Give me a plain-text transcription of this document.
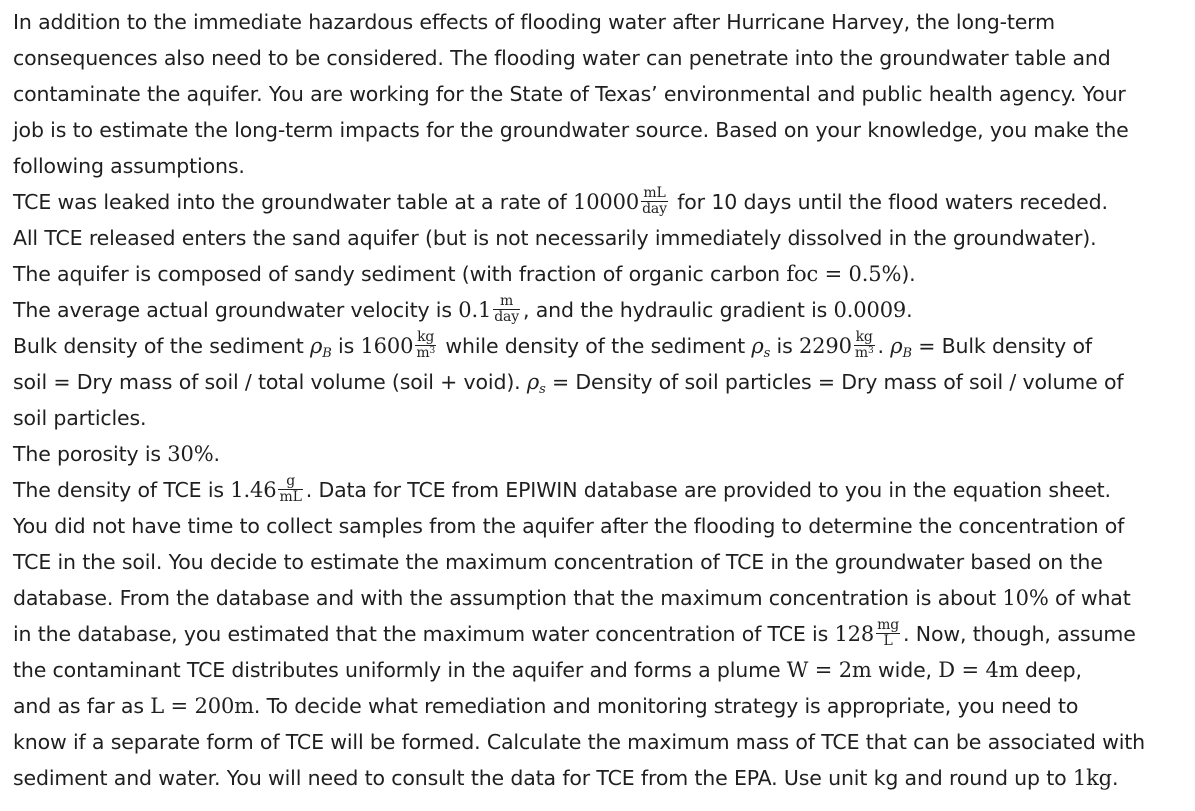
In addition to the immediate hazardous effects of flooding water after Hurricane Harvey, the long-term
consequences also need to be considered. The flooding water can penetrate into the groundwater table and
contaminate the aquifer. You are working for the State of Texas’ environmental and public health agency. Your
job is to estimate the long-term impacts for the groundwater source. Based on your knowledge, you make the
following assumptions.
TCE was leaked into the groundwater table at a rate of $10000 \frac{mL}{\text{day}}$ for 10 days until the flood waters receded.
All TCE released enters the sand aquifer (but is not necessarily immediately dissolved in the groundwater).
The aquifer is composed of sandy sediment (with fraction of organic carbon foc = 0.5%).
The average actual groundwater velocity is $0.1 \frac{m}{\text{day}}$ , and the hydraulic gradient is 0.0009.
Bulk density of the sediment $\rho_B$ is $1600 \frac{kg}{m^3}$ while density of the sediment $\rho_s$ is $2290 \frac{kg}{m^3}$ . $\rho_B$ = Bulk density of
soil = Dry mass of soil / total volume (soil + void). $\rho_s$ = Density of soil particles = Dry mass of soil / volume of
soil particles.
The porosity is 30%.
The density of TCE is $1.46 \frac{g}{mL}$ . Data for TCE from EPIWIN database are provided to you in the equation sheet.
You did not have time to collect samples from the aquifer after the flooding to determine the concentration of
TCE in the soil. You decide to estimate the maximum concentration of TCE in the groundwater based on the
database. From the database and with the assumption that the maximum concentration is about 10% of what
in the database, you estimated that the maximum water concentration of TCE is $128 \frac{mg}{L}$ . Now, though, assume
the contaminant TCE distributes uniformly in the aquifer and forms a plume W = 2m wide, D = 4m deep,
and as far as L = 200m. To decide what remediation and monitoring strategy is appropriate, you need to
know if a separate form of TCE will be formed. Calculate the maximum mass of TCE that can be associated with
sediment and water. You will need to consult the data for TCE from the EPA. Use unit kg and round up to 1kg.
